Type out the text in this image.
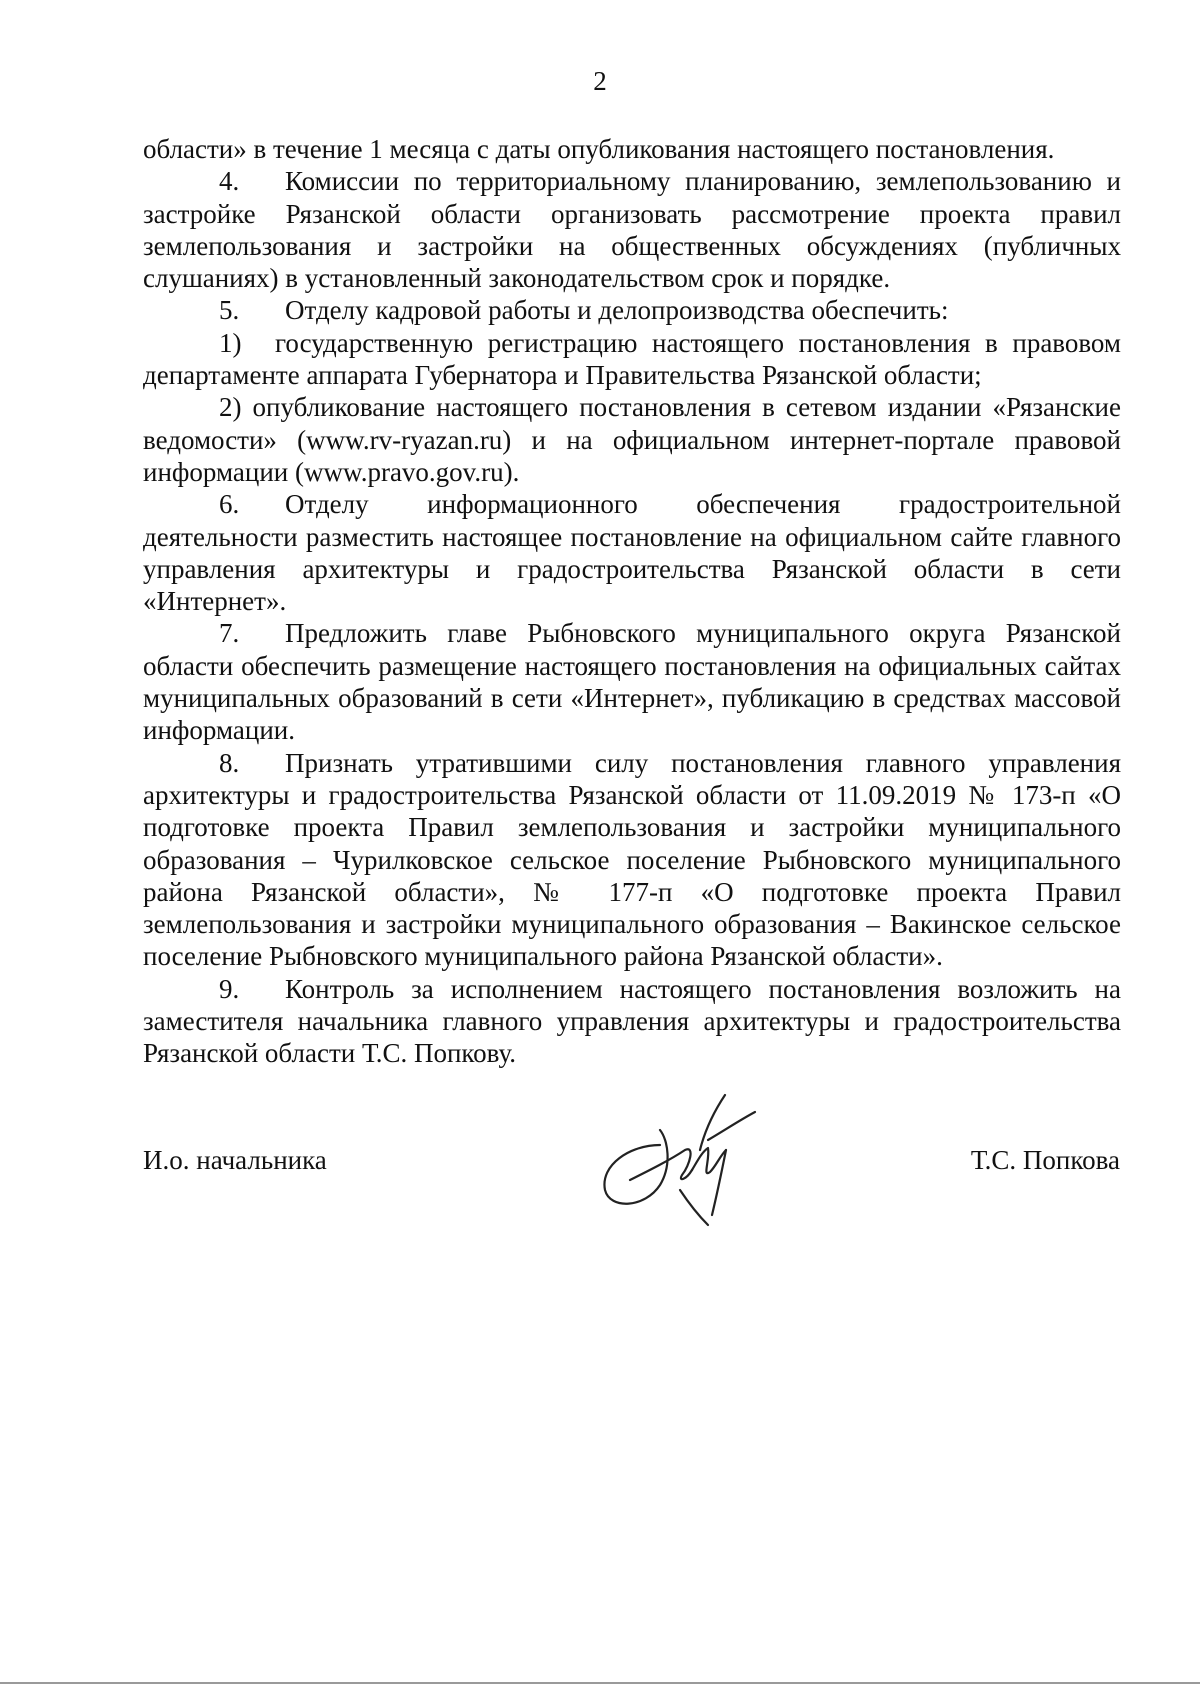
2

области» в течение 1 месяца с даты опубликования настоящего постановления.

4. Комиссии по территориальному планированию, землепользованию и застройке Рязанской области организовать рассмотрение проекта правил землепользования и застройки на общественных обсуждениях (публичных слушаниях) в установленный законодательством срок и порядке.

5. Отделу кадровой работы и делопроизводства обеспечить:

1) государственную регистрацию настоящего постановления в правовом департаменте аппарата Губернатора и Правительства Рязанской области;

2) опубликование настоящего постановления в сетевом издании «Рязанские ведомости» (www.rv-ryazan.ru) и на официальном интернет-портале правовой информации (www.pravo.gov.ru).

6. Отделу информационного обеспечения градостроительной деятельности разместить настоящее постановление на официальном сайте главного управления архитектуры и градостроительства Рязанской области в сети «Интернет».

7. Предложить главе Рыбновского муниципального округа Рязанской области обеспечить размещение настоящего постановления на официальных сайтах муниципальных образований в сети «Интернет», публикацию в средствах массовой информации.

8. Признать утратившими силу постановления главного управления архитектуры и градостроительства Рязанской области от 11.09.2019 № 173-п «О подготовке проекта Правил землепользования и застройки муниципального образования – Чурилковское сельское поселение Рыбновского муниципального района Рязанской области», № 177-п «О подготовке проекта Правил землепользования и застройки муниципального образования – Вакинское сельское поселение Рыбновского муниципального района Рязанской области».

9. Контроль за исполнением настоящего постановления возложить на заместителя начальника главного управления архитектуры и градостроительства Рязанской области Т.С. Попкову.

И.о. начальника	Т.С. Попкова
